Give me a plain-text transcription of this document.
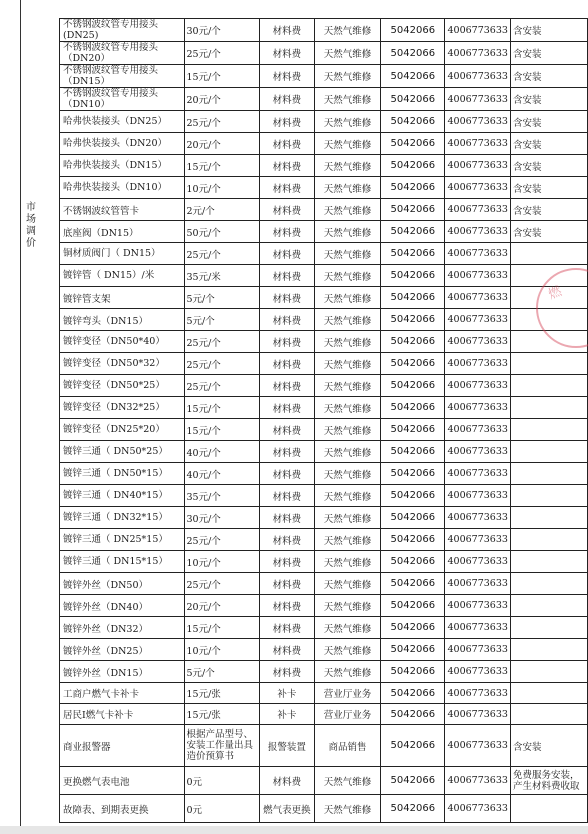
市
场
调
价
不锈钢波纹管专用接头(DN25)	30元/个	材料费	天然气维修	5042066	4006773633	含安装
不锈钢波纹管专用接头（DN20）	25元/个	材料费	天然气维修	5042066	4006773633	含安装
不锈钢波纹管专用接头（DN15）	15元/个	材料费	天然气维修	5042066	4006773633	含安装
不锈钢波纹管专用接头（DN10）	20元/个	材料费	天然气维修	5042066	4006773633	含安装
哈弗快装接头（DN25）	25元/个	材料费	天然气维修	5042066	4006773633	含安装
哈弗快装接头（DN20）	20元/个	材料费	天然气维修	5042066	4006773633	含安装
哈弗快装接头（DN15）	15元/个	材料费	天然气维修	5042066	4006773633	含安装
哈弗快装接头（DN10）	10元/个	材料费	天然气维修	5042066	4006773633	含安装
不锈钢波纹管管卡	2元/个	材料费	天然气维修	5042066	4006773633	含安装
底座阀（DN15）	50元/个	材料费	天然气维修	5042066	4006773633	含安装
铜材质阀门（ DN15）	25元/个	材料费	天然气维修	5042066	4006773633	
镀锌管（ DN15）/米	35元/米	材料费	天然气维修	5042066	4006773633	
镀锌管支架	5元/个	材料费	天然气维修	5042066	4006773633	
镀锌弯头（DN15）	5元/个	材料费	天然气维修	5042066	4006773633	
镀锌变径（DN50*40）	25元/个	材料费	天然气维修	5042066	4006773633	
镀锌变径（DN50*32）	25元/个	材料费	天然气维修	5042066	4006773633	
镀锌变径（DN50*25）	25元/个	材料费	天然气维修	5042066	4006773633	
镀锌变径（DN32*25）	15元/个	材料费	天然气维修	5042066	4006773633	
镀锌变径（DN25*20）	15元/个	材料费	天然气维修	5042066	4006773633	
镀锌三通（ DN50*25）	40元/个	材料费	天然气维修	5042066	4006773633	
镀锌三通（ DN50*15）	40元/个	材料费	天然气维修	5042066	4006773633	
镀锌三通（ DN40*15）	35元/个	材料费	天然气维修	5042066	4006773633	
镀锌三通（ DN32*15）	30元/个	材料费	天然气维修	5042066	4006773633	
镀锌三通（ DN25*15）	25元/个	材料费	天然气维修	5042066	4006773633	
镀锌三通（ DN15*15）	10元/个	材料费	天然气维修	5042066	4006773633	
镀锌外丝（DN50）	25元/个	材料费	天然气维修	5042066	4006773633	
镀锌外丝（DN40）	20元/个	材料费	天然气维修	5042066	4006773633	
镀锌外丝（DN32）	15元/个	材料费	天然气维修	5042066	4006773633	
镀锌外丝（DN25）	10元/个	材料费	天然气维修	5042066	4006773633	
镀锌外丝（DN15）	5元/个	材料费	天然气维修	5042066	4006773633	
工商户燃气卡补卡	15元/张	补卡	营业厅业务	5042066	4006773633	
居民I燃气卡补卡	15元/张	补卡	营业厅业务	5042066	4006773633	
商业报警器	根据产品型号、安装工作量出具造价预算书	报警装置	商品销售	5042066	4006773633	含安装
更换燃气表电池	0元	材料费	天然气维修	5042066	4006773633	免费服务安装，产生材料费收取
故障表、到期表更换	0元	燃气表更换	天然气维修	5042066	4006773633	
燃
